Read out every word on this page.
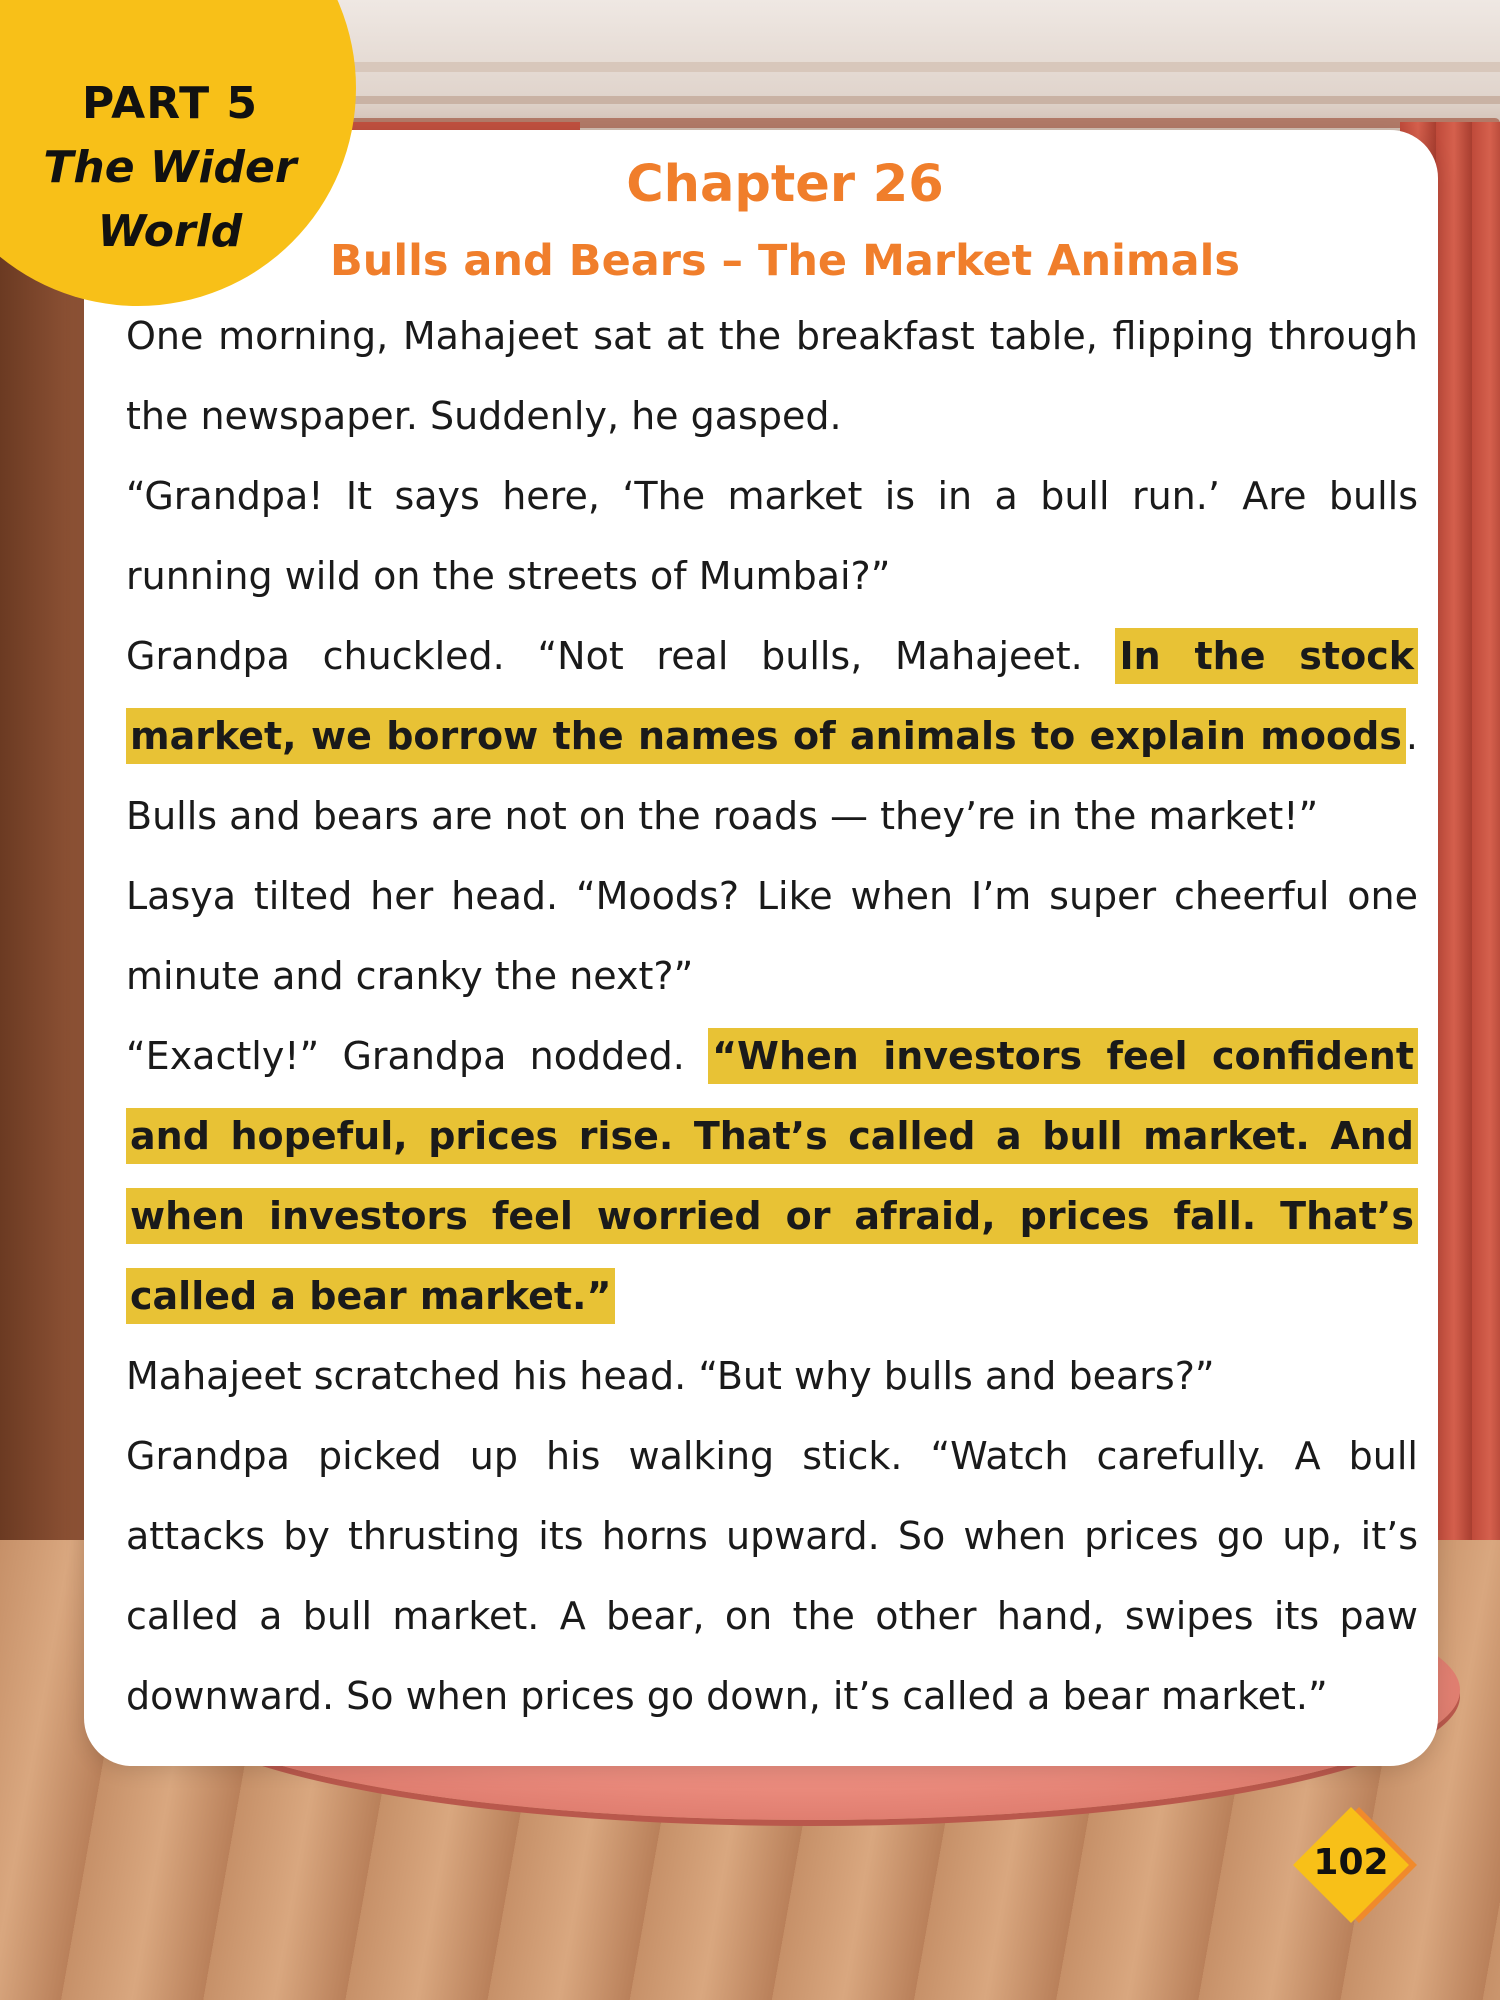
PART 5
The Wider
World
Chapter 26
Bulls and Bears – The Market Animals

One morning, Mahajeet sat at the breakfast table, flipping through the newspaper. Suddenly, he gasped.

“Grandpa! It says here, ‘The market is in a bull run.’ Are bulls running wild on the streets of Mumbai?”

Grandpa chuckled. “Not real bulls, Mahajeet. In the stock market, we borrow the names of animals to explain moods . Bulls and bears are not on the roads — they’re in the market!”

Lasya tilted her head. “Moods? Like when I’m super cheerful one minute and cranky the next?”

“Exactly!” Grandpa nodded. “When investors feel confident and hopeful, prices rise. That’s called a bull market. And when investors feel worried or afraid, prices fall. That’s called a bear market.”

Mahajeet scratched his head. “But why bulls and bears?”

Grandpa picked up his walking stick. “Watch carefully. A bull attacks by thrusting its horns upward. So when prices go up, it’s called a bull market. A bear, on the other hand, swipes its paw downward. So when prices go down, it’s called a bear market.”

102
